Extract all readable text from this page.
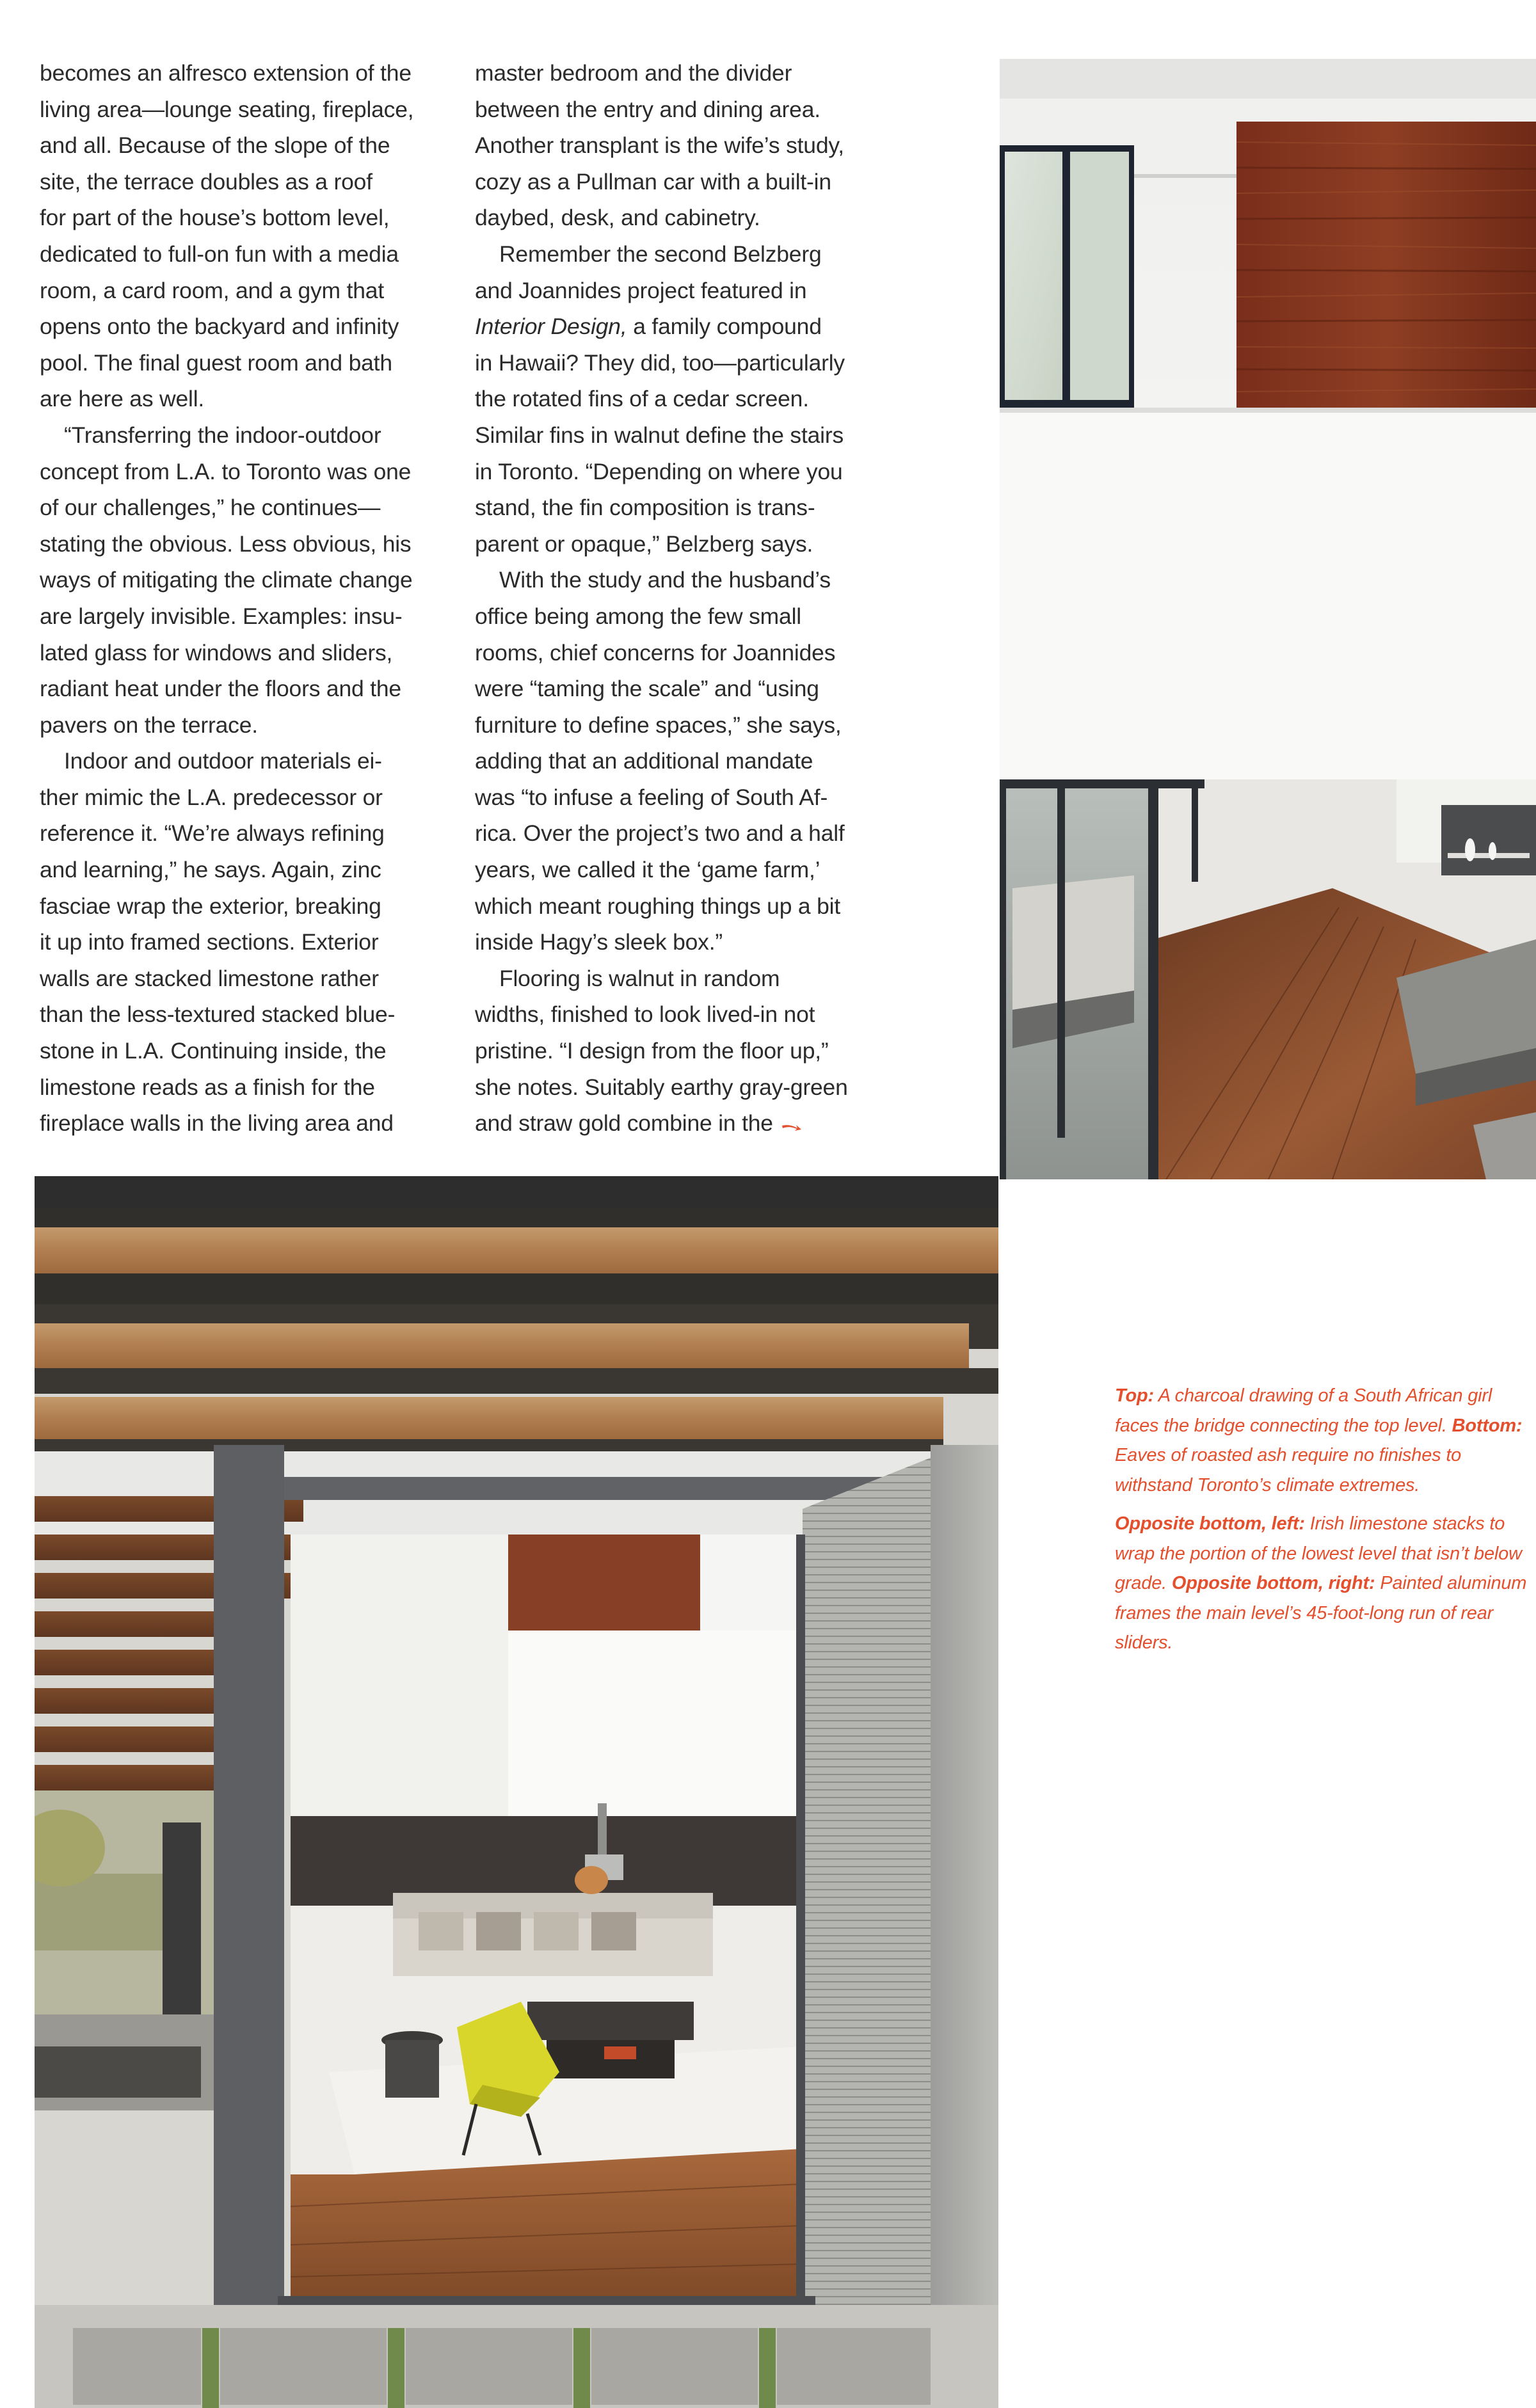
becomes an alfresco extension of the
living area—lounge seating, fireplace,
and all. Because of the slope of the
site, the terrace doubles as a roof
for part of the house’s bottom level,
dedicated to full-on fun with a media
room, a card room, and a gym that
opens onto the backyard and infinity
pool. The final guest room and bath
are here as well.
“Transferring the indoor-outdoor
concept from L.A. to Toronto was one
of our challenges,” he continues—
stating the obvious. Less obvious, his
ways of mitigating the climate change
are largely invisible. Examples: insu-
lated glass for windows and sliders,
radiant heat under the floors and the
pavers on the terrace.
Indoor and outdoor materials ei-
ther mimic the L.A. predecessor or
reference it. “We’re always refining
and learning,” he says. Again, zinc
fasciae wrap the exterior, breaking
it up into framed sections. Exterior
walls are stacked limestone rather
than the less-textured stacked blue-
stone in L.A. Continuing inside, the
limestone reads as a finish for the
fireplace walls in the living area and
master bedroom and the divider
between the entry and dining area.
Another transplant is the wife’s study,
cozy as a Pullman car with a built-in
daybed, desk, and cabinetry.
Remember the second Belzberg
and Joannides project featured in
Interior Design, a family compound
in Hawaii? They did, too—particularly
the rotated fins of a cedar screen.
Similar fins in walnut define the stairs
in Toronto. “Depending on where you
stand, the fin composition is trans-
parent or opaque,” Belzberg says.
With the study and the husband’s
office being among the few small
rooms, chief concerns for Joannides
were “taming the scale” and “using
furniture to define spaces,” she says,
adding that an additional mandate
was “to infuse a feeling of South Af-
rica. Over the project’s two and a half
years, we called it the ‘game farm,’
which meant roughing things up a bit
inside Hagy’s sleek box.”
Flooring is walnut in random
widths, finished to look lived-in not
pristine. “I design from the floor up,”
she notes. Suitably earthy gray-green
and straw gold combine in the

Top: A charcoal drawing of a South African girl faces the bridge connecting the top level. Bottom: Eaves of roasted ash require no finishes to withstand Toronto’s climate extremes.

Opposite bottom, left: Irish limestone stacks to wrap the portion of the lowest level that isn’t below grade. Opposite bottom, right: Painted aluminum frames the main level’s 45-foot-long run of rear sliders.
